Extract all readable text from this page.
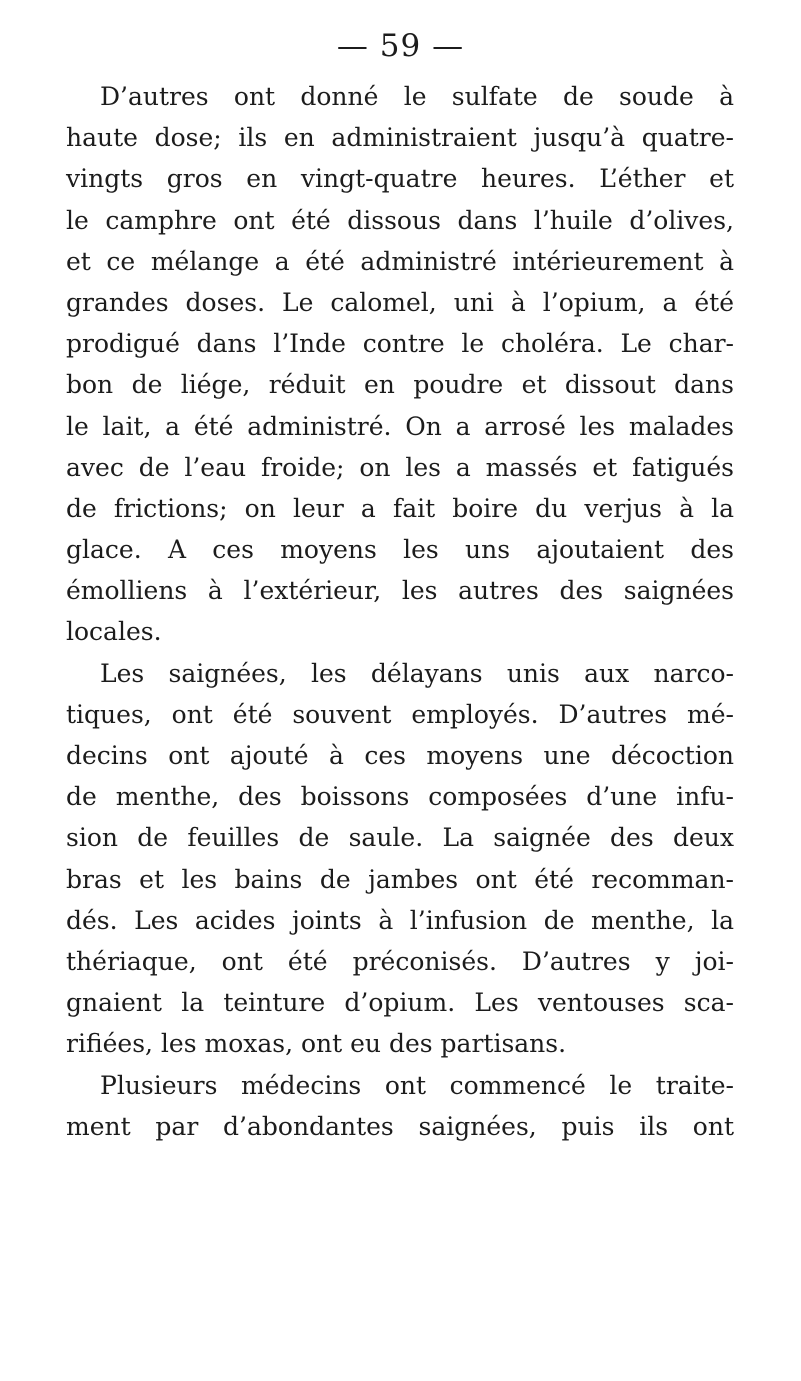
— 59 —
D’autres ont donné le sulfate de soude à
haute dose; ils en administraient jusqu’à quatre-
vingts gros en vingt-quatre heures. L’éther et
le camphre ont été dissous dans l’huile d’olives,
et ce mélange a été administré intérieurement à
grandes doses. Le calomel, uni à l’opium, a été
prodigué dans l’Inde contre le choléra. Le char-
bon de liége, réduit en poudre et dissout dans
le lait, a été administré. On a arrosé les malades
avec de l’eau froide; on les a massés et fatigués
de frictions; on leur a fait boire du verjus à la
glace. A ces moyens les uns ajoutaient des
émolliens à l’extérieur, les autres des saignées
locales.
Les saignées, les délayans unis aux narco-
tiques, ont été souvent employés. D’autres mé-
decins ont ajouté à ces moyens une décoction
de menthe, des boissons composées d’une infu-
sion de feuilles de saule. La saignée des deux
bras et les bains de jambes ont été recomman-
dés. Les acides joints à l’infusion de menthe, la
thériaque, ont été préconisés. D’autres y joi-
gnaient la teinture d’opium. Les ventouses sca-
rifiées, les moxas, ont eu des partisans.
Plusieurs médecins ont commencé le traite-
ment par d’abondantes saignées, puis ils ont
